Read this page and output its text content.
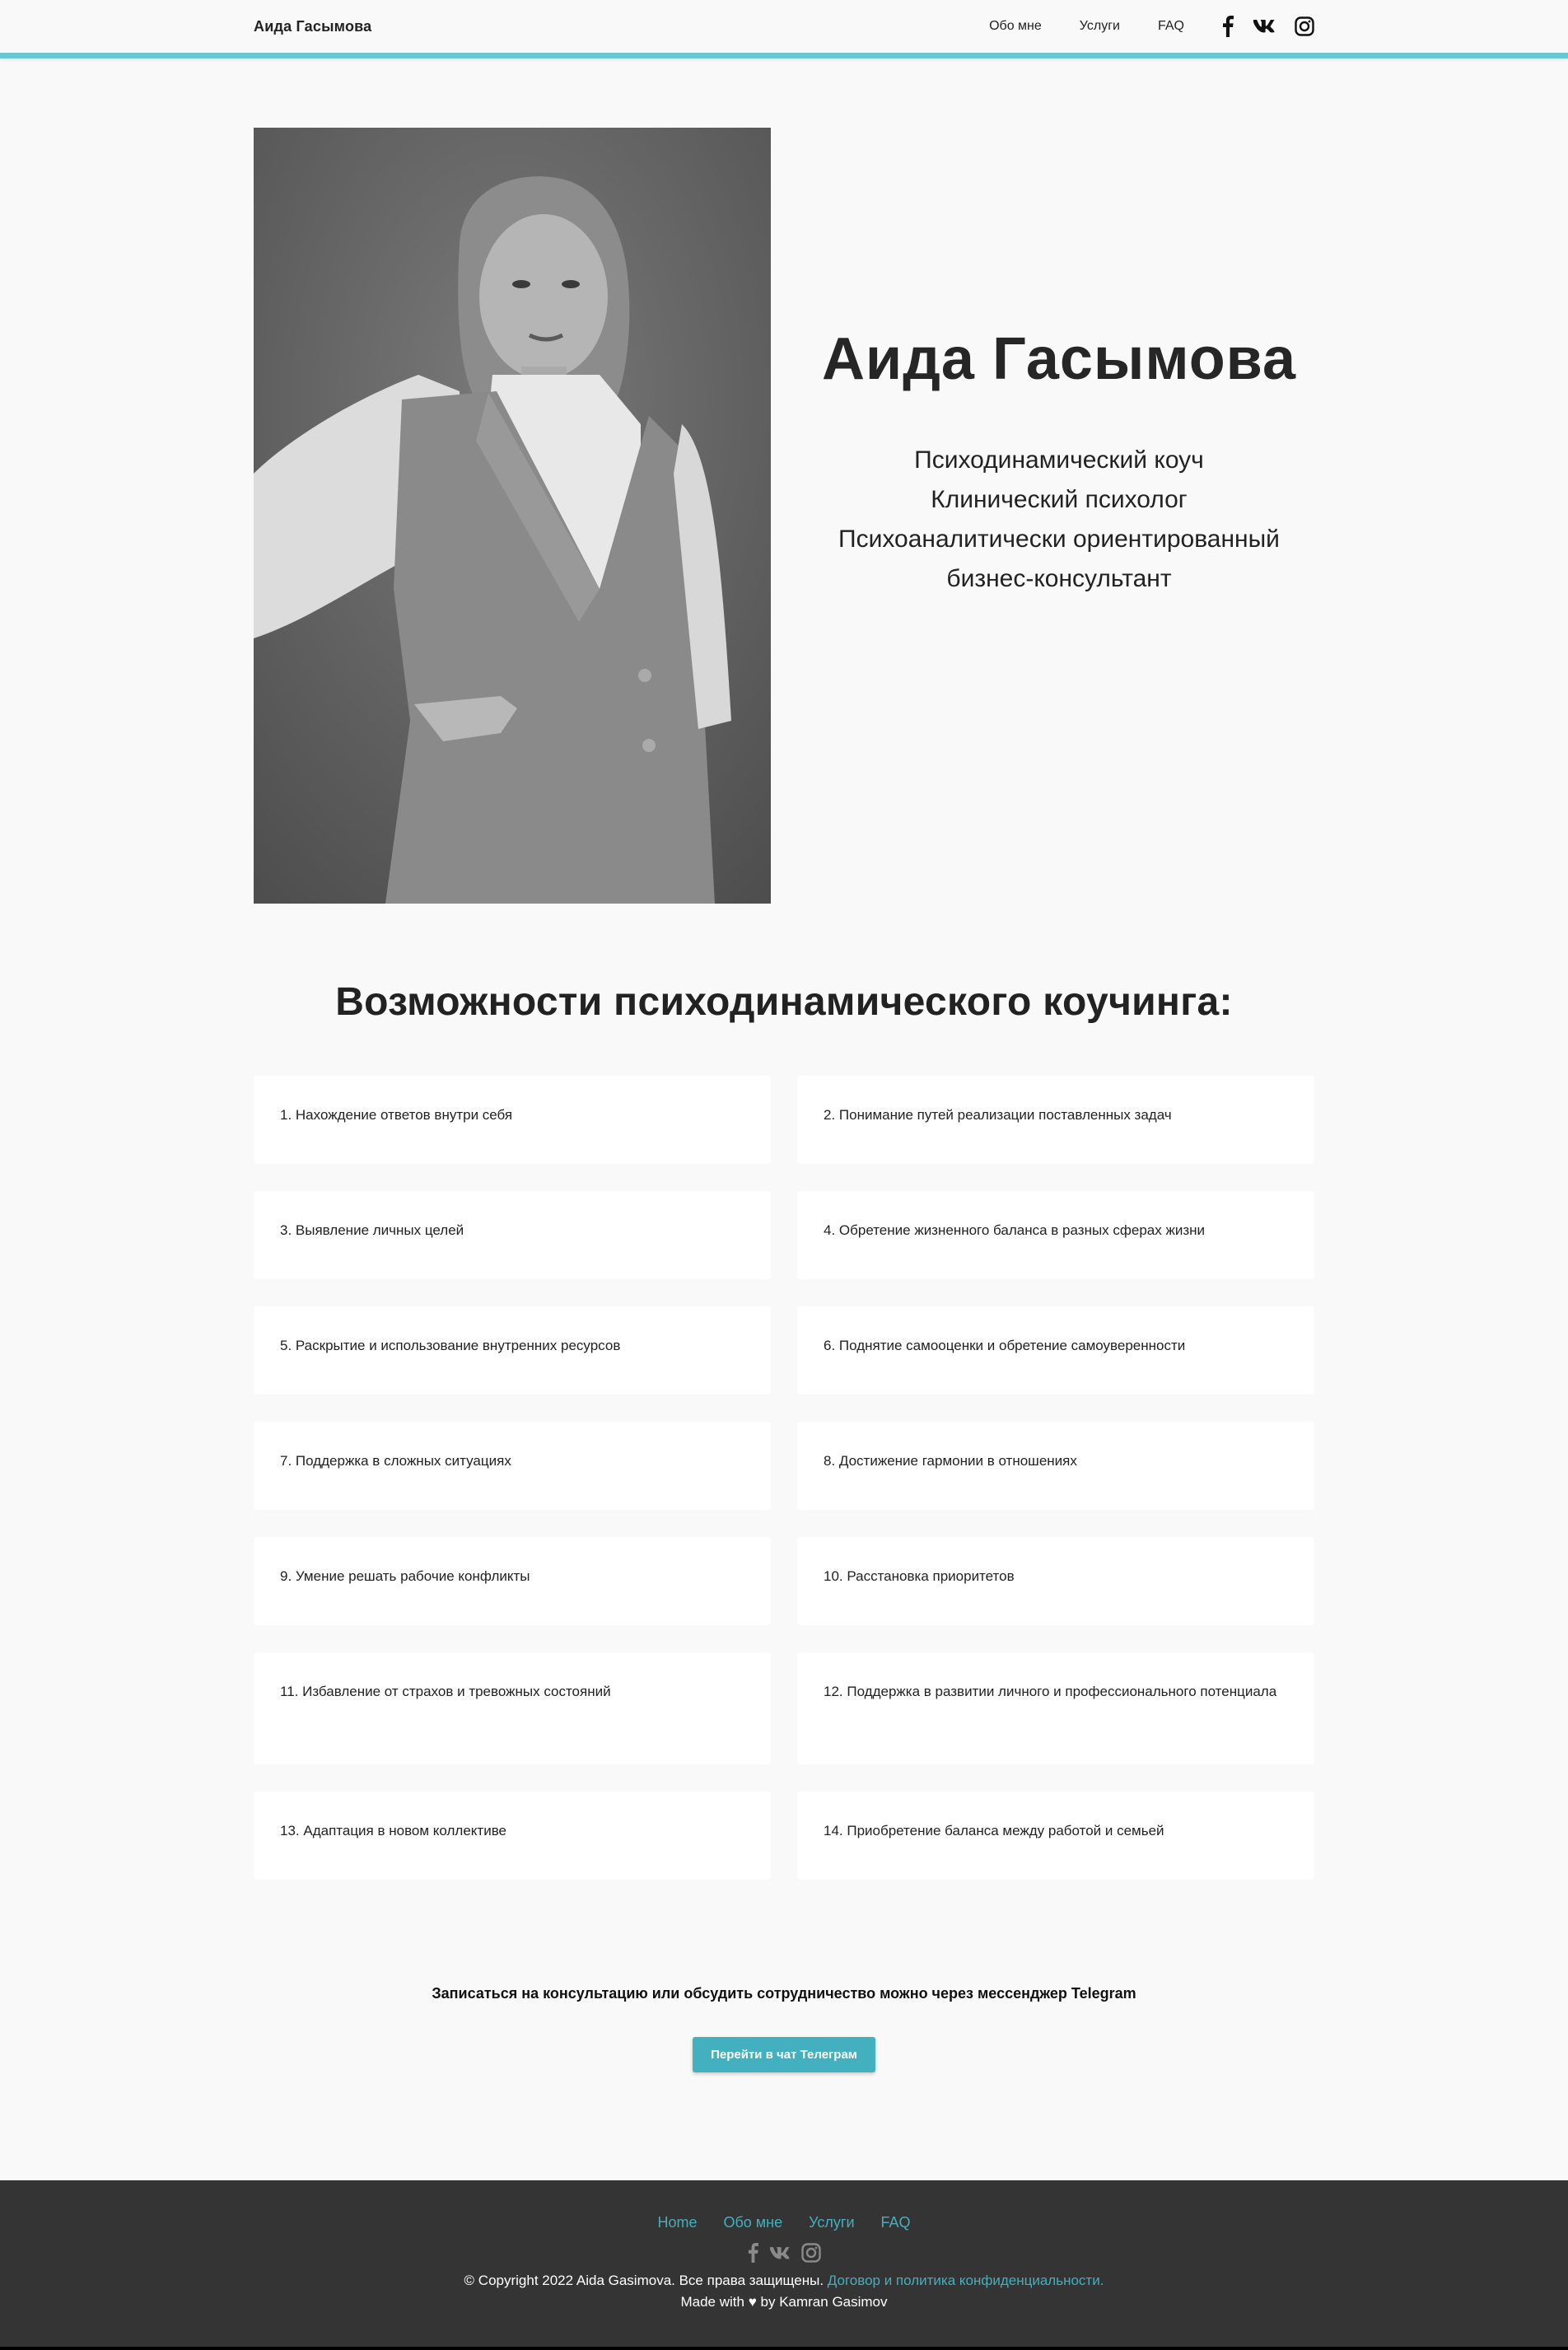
Аида Гасымова	Обо мне	Услуги	FAQ
Аида Гасымова
Психодинамический коуч
Клинический психолог
Психоаналитически ориентированный
бизнес-консультант
Возможности психодинамического коучинга:
1. Нахождение ответов внутри себя	2. Понимание путей реализации поставленных задач
3. Выявление личных целей	4. Обретение жизненного баланса в разных сферах жизни
5. Раскрытие и использование внутренних ресурсов	6. Поднятие самооценки и обретение самоуверенности
7. Поддержка в сложных ситуациях	8. Достижение гармонии в отношениях
9. Умение решать рабочие конфликты	10. Расстановка приоритетов
11. Избавление от страхов и тревожных состояний	12. Поддержка в развитии личного и профессионального потенциала
13. Адаптация в новом коллективе	14. Приобретение баланса между работой и семьей

Записаться на консультацию или обсудить сотрудничество можно через мессенджер Telegram

Перейти в чат Телеграм
Home Обо мне Услуги FAQ

© Copyright 2022 Aida Gasimova. Все права защищены. Договор и политика конфиденциальности.

Made with ♥ by Kamran Gasimov
